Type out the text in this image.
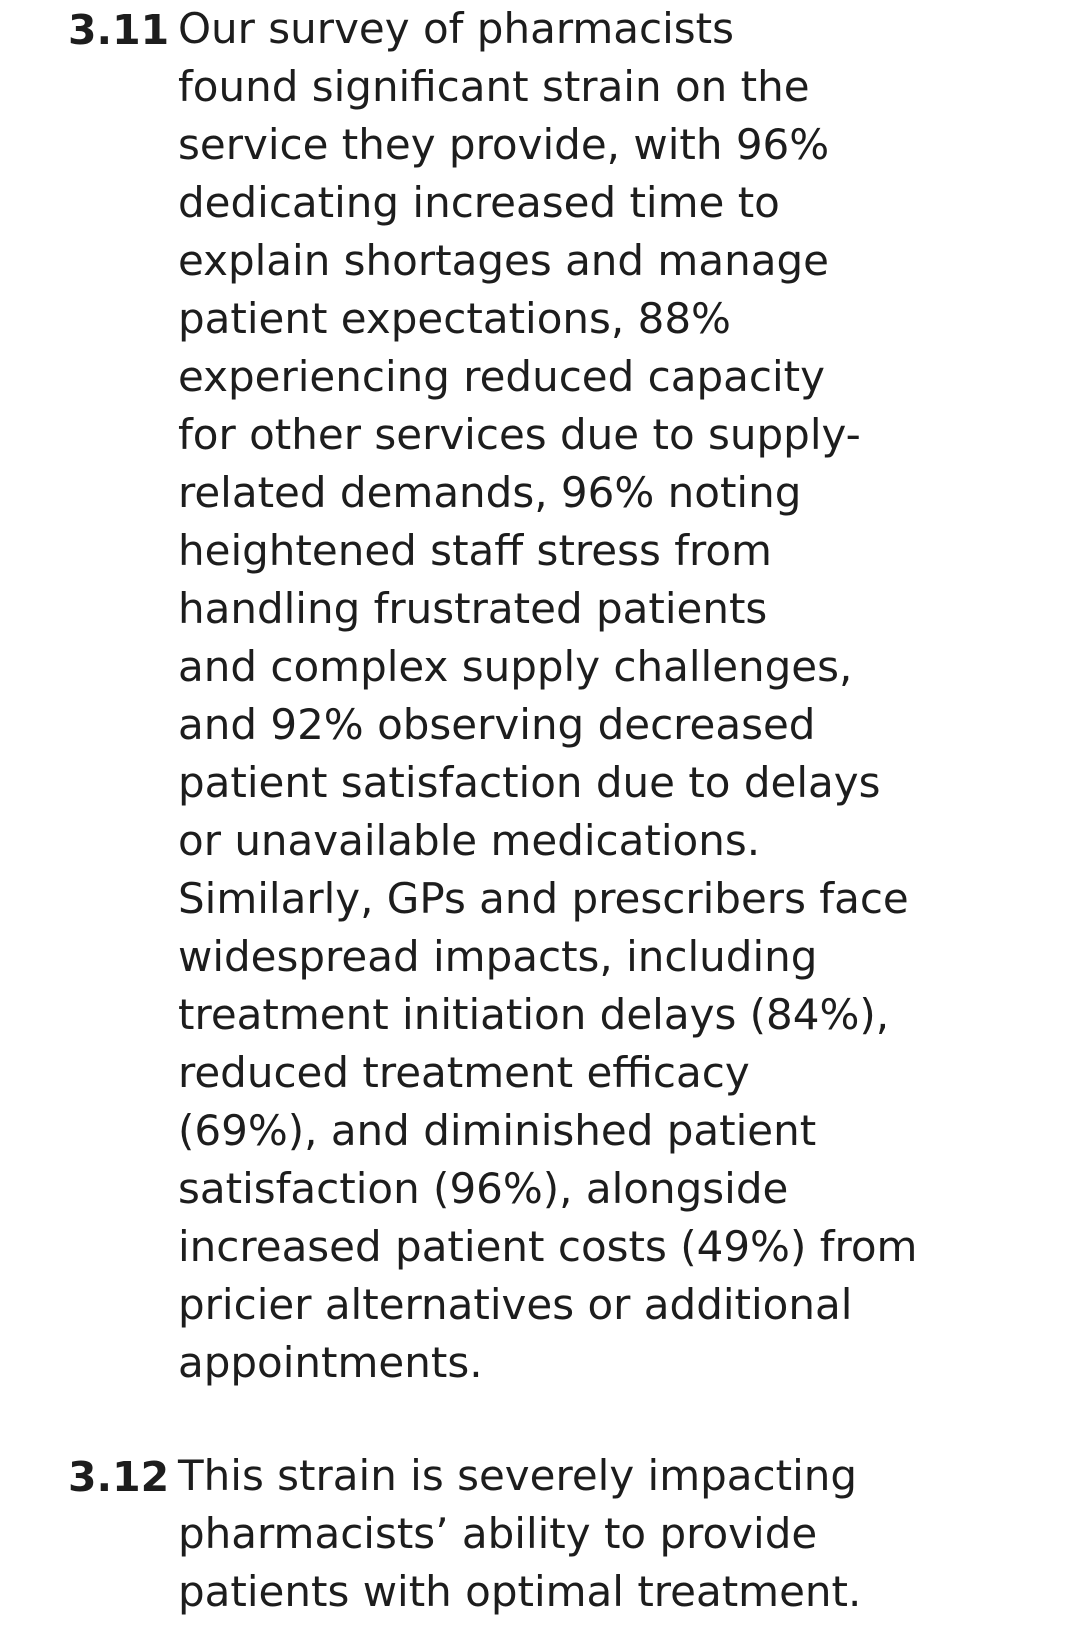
3.11 Our survey of pharmacists
found significant strain on the
service they provide, with 96%
dedicating increased time to
explain shortages and manage
patient expectations, 88%
experiencing reduced capacity
for other services due to supply-
related demands, 96% noting
heightened staff stress from
handling frustrated patients
and complex supply challenges,
and 92% observing decreased
patient satisfaction due to delays
or unavailable medications.
Similarly, GPs and prescribers face
widespread impacts, including
treatment initiation delays (84%),
reduced treatment efficacy
(69%), and diminished patient
satisfaction (96%), alongside
increased patient costs (49%) from
pricier alternatives or additional
appointments.
3.12 This strain is severely impacting
pharmacists’ ability to provide
patients with optimal treatment.
